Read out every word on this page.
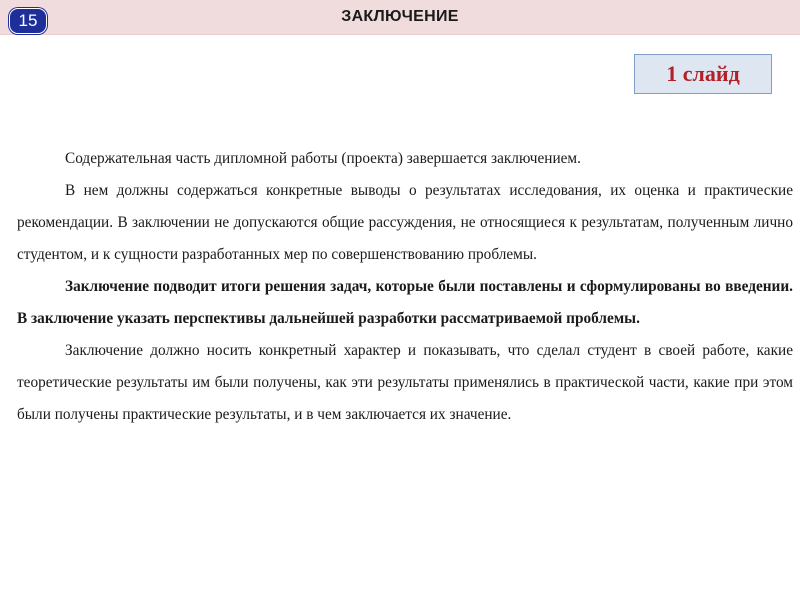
15	ЗАКЛЮЧЕНИЕ
1 слайд

Содержательная часть дипломной работы (проекта) завершается заключением.

В нем должны содержаться конкретные выводы о результатах исследования, их оценка и практические рекомендации. В заключении не допускаются общие рассуждения, не относящиеся к результатам, полученным лично студентом, и к сущности разработанных мер по совершенствованию проблемы.

Заключение подводит итоги решения задач, которые были поставлены и сформулированы во введении. В заключение указать перспективы дальнейшей разработки рассматриваемой проблемы.

Заключение должно носить конкретный характер и показывать, что сделал студент в своей работе, какие теоретические результаты им были получены, как эти результаты применялись в практической части, какие при этом были получены практические результаты, и в чем заключается их значение.
